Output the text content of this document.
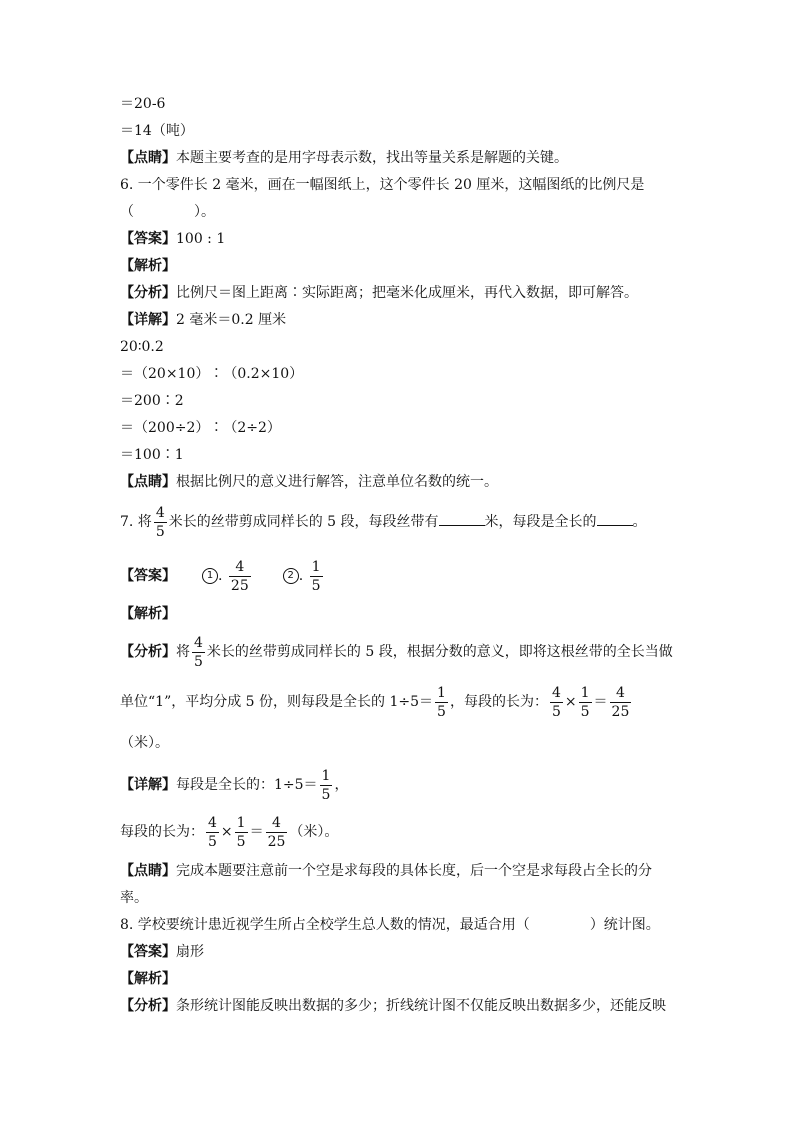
＝20-6
＝14（吨）
【点睛】本题主要考查的是用字母表示数，找出等量关系是解题的关键。
6. 一个零件长 2 毫米，画在一幅图纸上，这个零件长 20 厘米，这幅图纸的比例尺是
（	）。
【答案】100 : 1
【解析】
【分析】比例尺＝图上距离∶实际距离；把毫米化成厘米，再代入数据，即可解答。
【详解】2 毫米＝0.2 厘米
20∶0.2
＝（20×10）∶（0.2×10）
＝200∶2
＝（200÷2）∶（2÷2）
＝100∶1
【点睛】根据比例尺的意义进行解答，注意单位名数的统一。
7. 将 $\frac{4}{5}$ 米长的丝带剪成同样长的 5 段，每段丝带有	米，每段是全长的	。
【答案】	1 . $\frac{4}{25}$	2 . $\frac{1}{5}$
【解析】
【分析】将 $\frac{4}{5}$ 米长的丝带剪成同样长的 5 段，根据分数的意义，即将这根丝带的全长当做
单位“1”，平均分成 5 份，则每段是全长的 $1\div 5= \frac{1}{5}$ ，每段的长为： $\frac{4}{5} \times \frac{1}{5} = \frac{4}{25}$
（米）。
【详解】每段是全长的：$1\div 5= \frac{1}{5}$ ，
每段的长为： $\frac{4}{5} \times \frac{1}{5} = \frac{4}{25}$ （米）。
【点睛】完成本题要注意前一个空是求每段的具体长度，后一个空是求每段占全长的分
率。
8. 学校要统计患近视学生所占全校学生总人数的情况，最适合用（	）统计图。
【答案】扇形
【解析】
【分析】条形统计图能反映出数据的多少；折线统计图不仅能反映出数据多少，还能反映
